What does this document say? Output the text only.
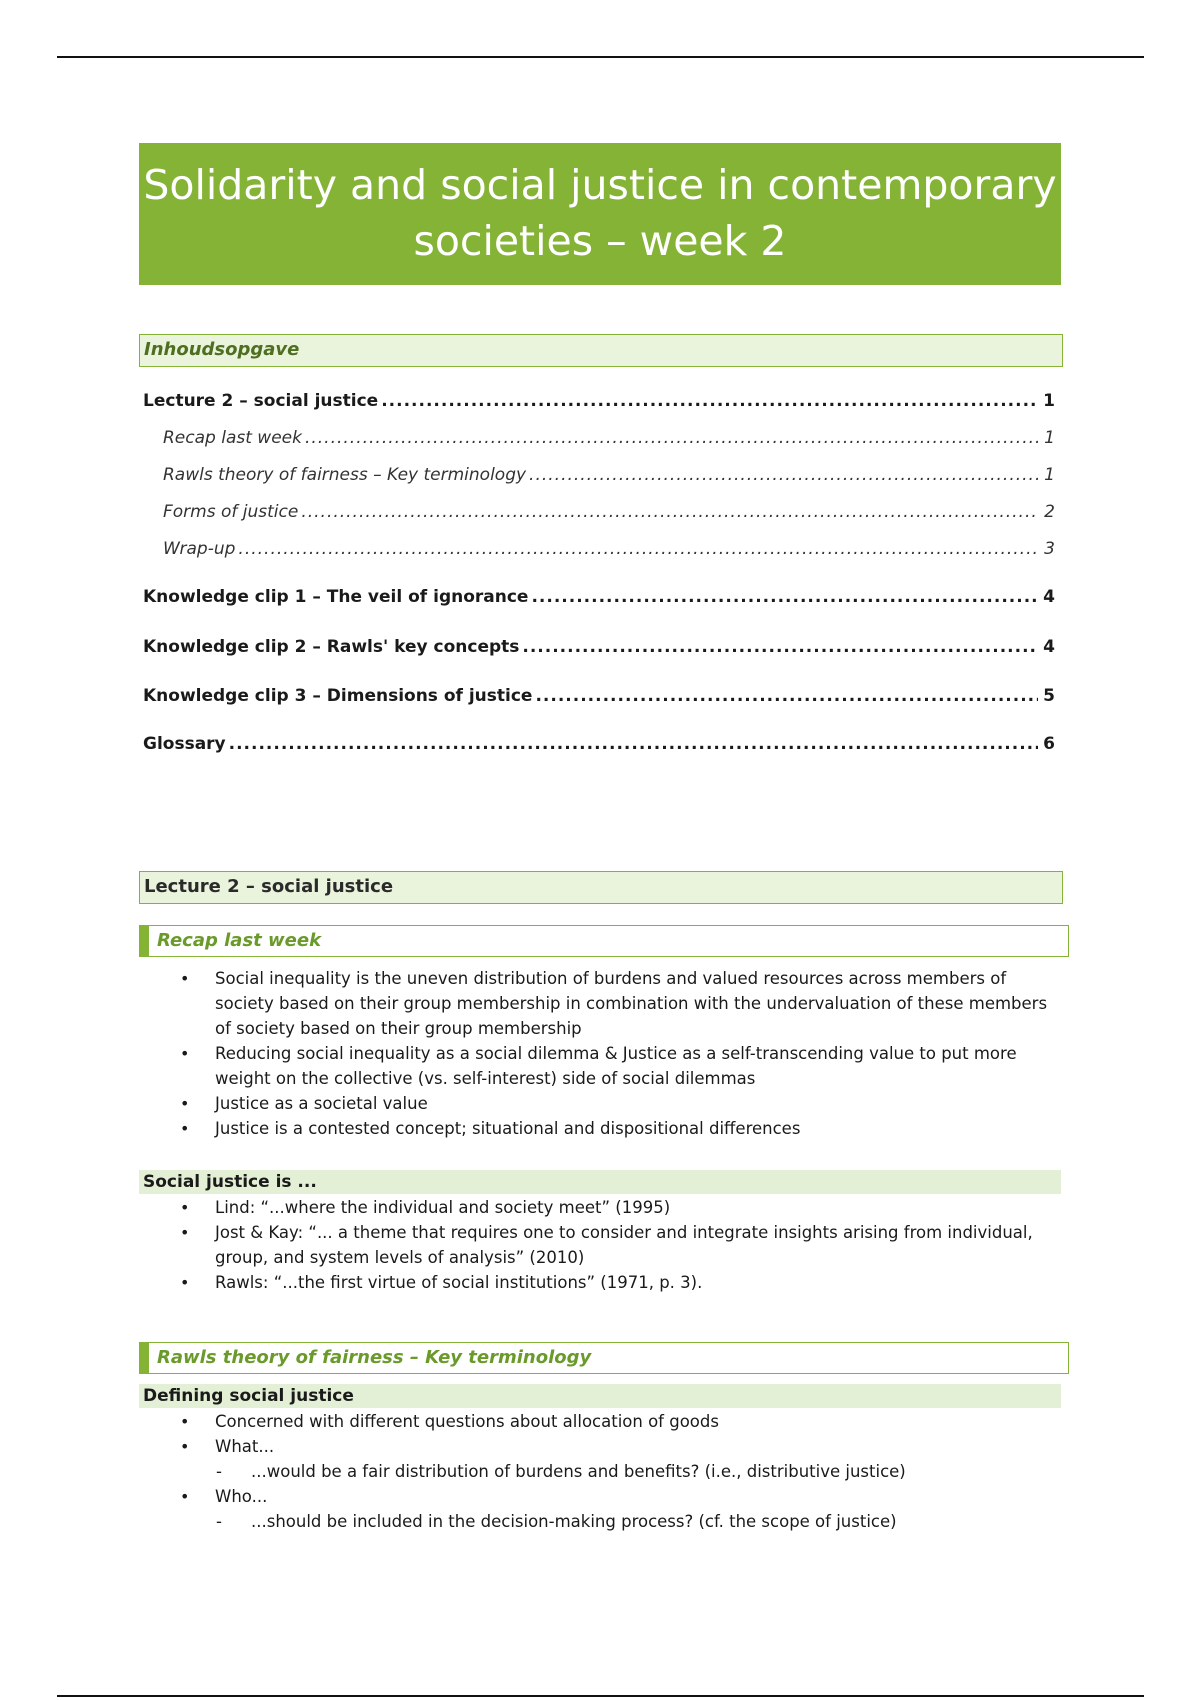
Solidarity and social justice in contemporary
societies – week 2
Inhoudsopgave
Lecture 2 – social justice .....	1
Recap last week .....	1
Rawls theory of fairness – Key terminology .....	1
Forms of justice .....	2
Wrap-up .....	3
Knowledge clip 1 – The veil of ignorance .....	4
Knowledge clip 2 – Rawls' key concepts .....	4
Knowledge clip 3 – Dimensions of justice .....	5
Glossary .....	6
Lecture 2 – social justice
Recap last week
• Social inequality is the uneven distribution of burdens and valued resources across members of society based on their group membership in combination with the undervaluation of these members of society based on their group membership
• Reducing social inequality as a social dilemma & Justice as a self-transcending value to put more weight on the collective (vs. self-interest) side of social dilemmas
• Justice as a societal value
• Justice is a contested concept; situational and dispositional differences
Social justice is ...
• Lind: “...where the individual and society meet” (1995)
• Jost & Kay: “... a theme that requires one to consider and integrate insights arising from individual, group, and system levels of analysis” (2010)
• Rawls: “...the first virtue of social institutions” (1971, p. 3).
Rawls theory of fairness – Key terminology
Defining social justice
• Concerned with different questions about allocation of goods
• What...
- ...would be a fair distribution of burdens and benefits? (i.e., distributive justice)
• Who...
- ...should be included in the decision-making process? (cf. the scope of justice)
